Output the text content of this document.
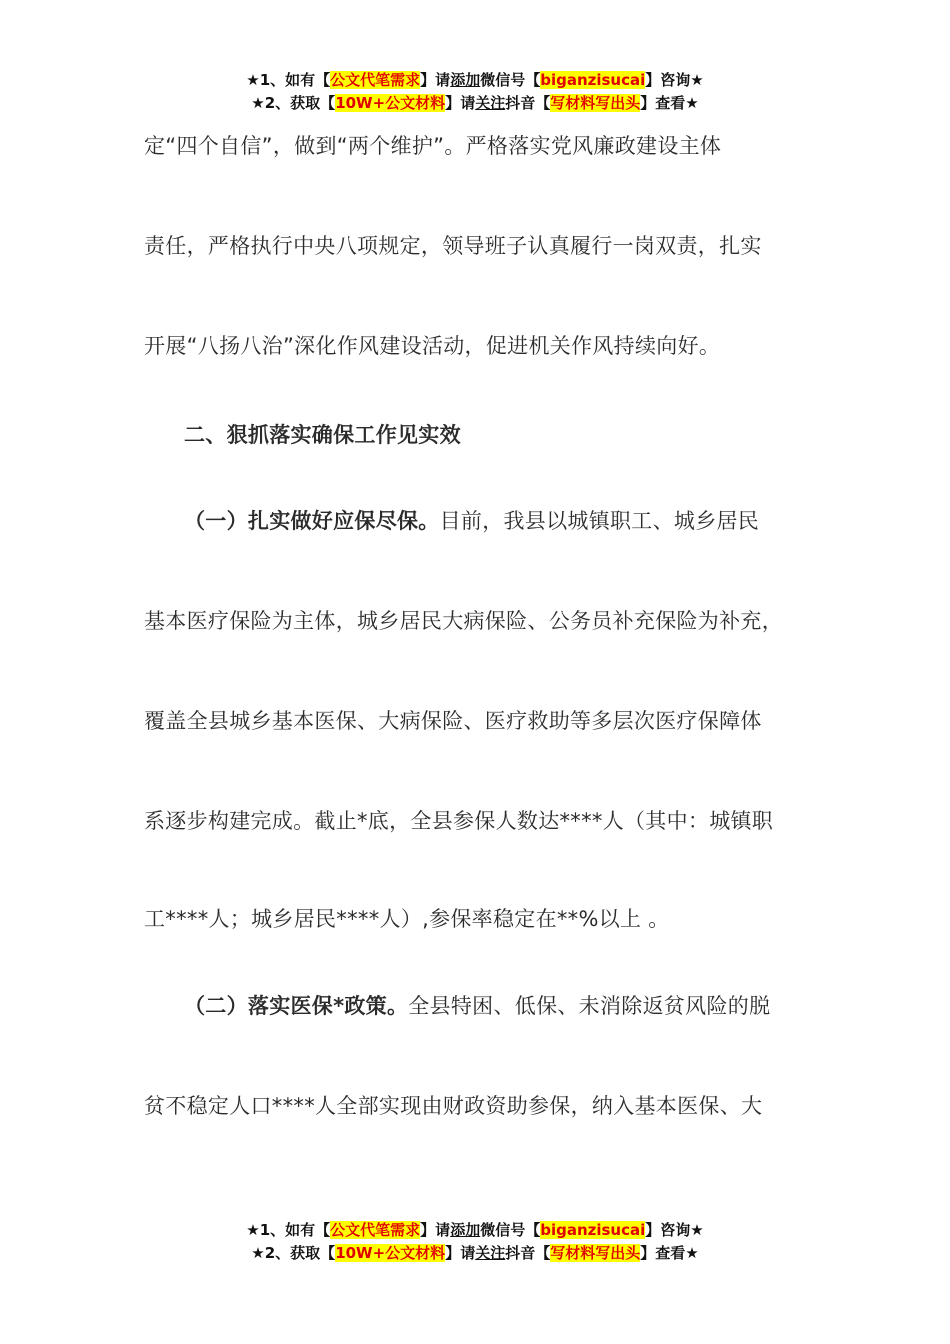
★1、如有【公文代笔需求】请添加微信号【biganzisucai】咨询★
★2、获取【10W+公文材料】请关注抖音【写材料写出头】查看★
定“四个自信”，做到“两个维护”。严格落实党风廉政建设主体
责任，严格执行中央八项规定，领导班子认真履行一岗双责，扎实
开展“八扬八治”深化作风建设活动，促进机关作风持续向好。
二、狠抓落实确保工作见实效
（一）扎实做好应保尽保。目前，我县以城镇职工、城乡居民
基本医疗保险为主体，城乡居民大病保险、公务员补充保险为补充，
覆盖全县城乡基本医保、大病保险、医疗救助等多层次医疗保障体
系逐步构建完成。截止*底，全县参保人数达****人（其中：城镇职
工****人；城乡居民****人）,参保率稳定在**%以上 。
（二）落实医保*政策。全县特困、低保、未消除返贫风险的脱
贫不稳定人口****人全部实现由财政资助参保，纳入基本医保、大
★1、如有【公文代笔需求】请添加微信号【biganzisucai】咨询★
★2、获取【10W+公文材料】请关注抖音【写材料写出头】查看★
